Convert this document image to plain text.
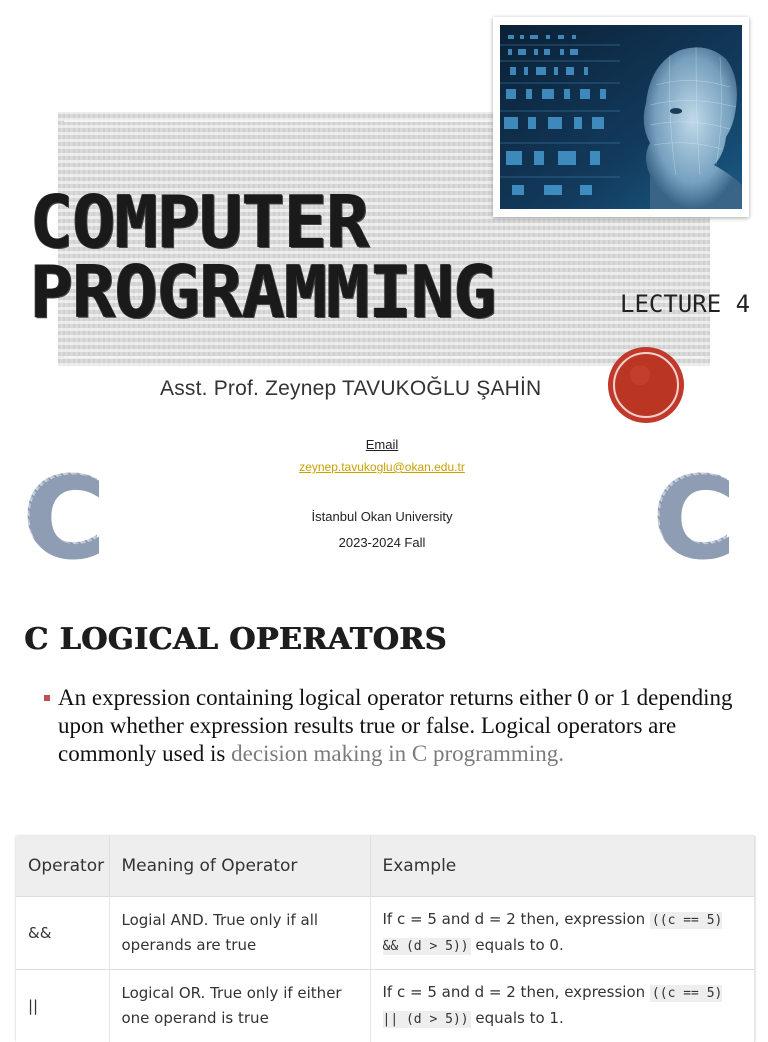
COMPUTER
PROGRAMMING	LECTURE 4

Asst. Prof. Zeynep TAVUKOĞLU ŞAHİN

Email
zeynep.tavukoglu@okan.edu.tr
İstanbul Okan University
2023-2024 Fall
C	C
C LOGICAL OPERATORS

An expression containing logical operator returns either 0 or 1 depending upon whether expression results true or false. Logical operators are commonly used is decision making in C programming.

Operator	Meaning of Operator	Example
&&	Logial AND. True only if all operands are true	If c = 5 and d = 2 then, expression ((c == 5) && (d > 5)) equals to 0.
||	Logical OR. True only if either one operand is true	If c = 5 and d = 2 then, expression ((c == 5) || (d > 5)) equals to 1.
